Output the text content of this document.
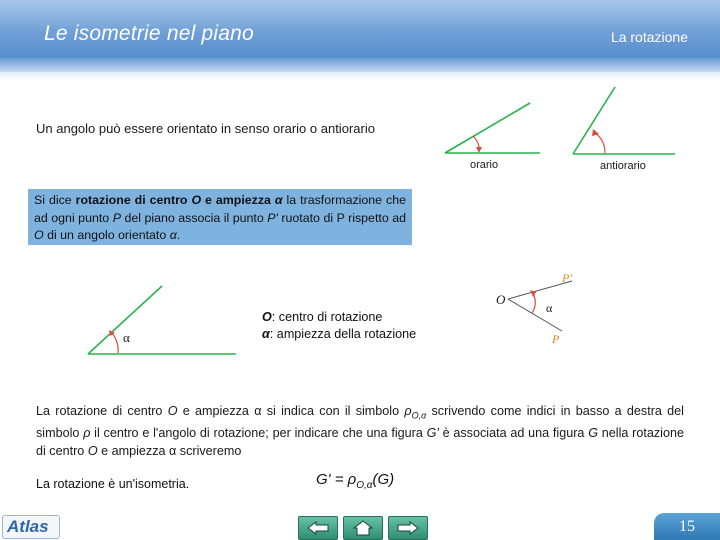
Le isometrie nel piano	La rotazione
Un angolo può essere orientato in senso orario o antiorario
orario	antiorario
Si dice rotazione di centro O e ampiezza α la trasformazione che ad ogni punto P del piano associa il punto P' ruotato di P rispetto ad O di un angolo orientato α.
α
O: centro di rotazione
α: ampiezza della rotazione
O
P'
P
α
La rotazione di centro O e ampiezza α si indica con il simbolo $\rho_{O,\alpha}$ scrivendo come indici in basso a destra del simbolo ρ il centro e l'angolo di rotazione; per indicare che una figura G' è associata ad una figura G nella rotazione di centro O e ampiezza α scriveremo
La rotazione è un'isometria.	$G' = \rho_{O,\alpha}(G)$
Atlas	15
